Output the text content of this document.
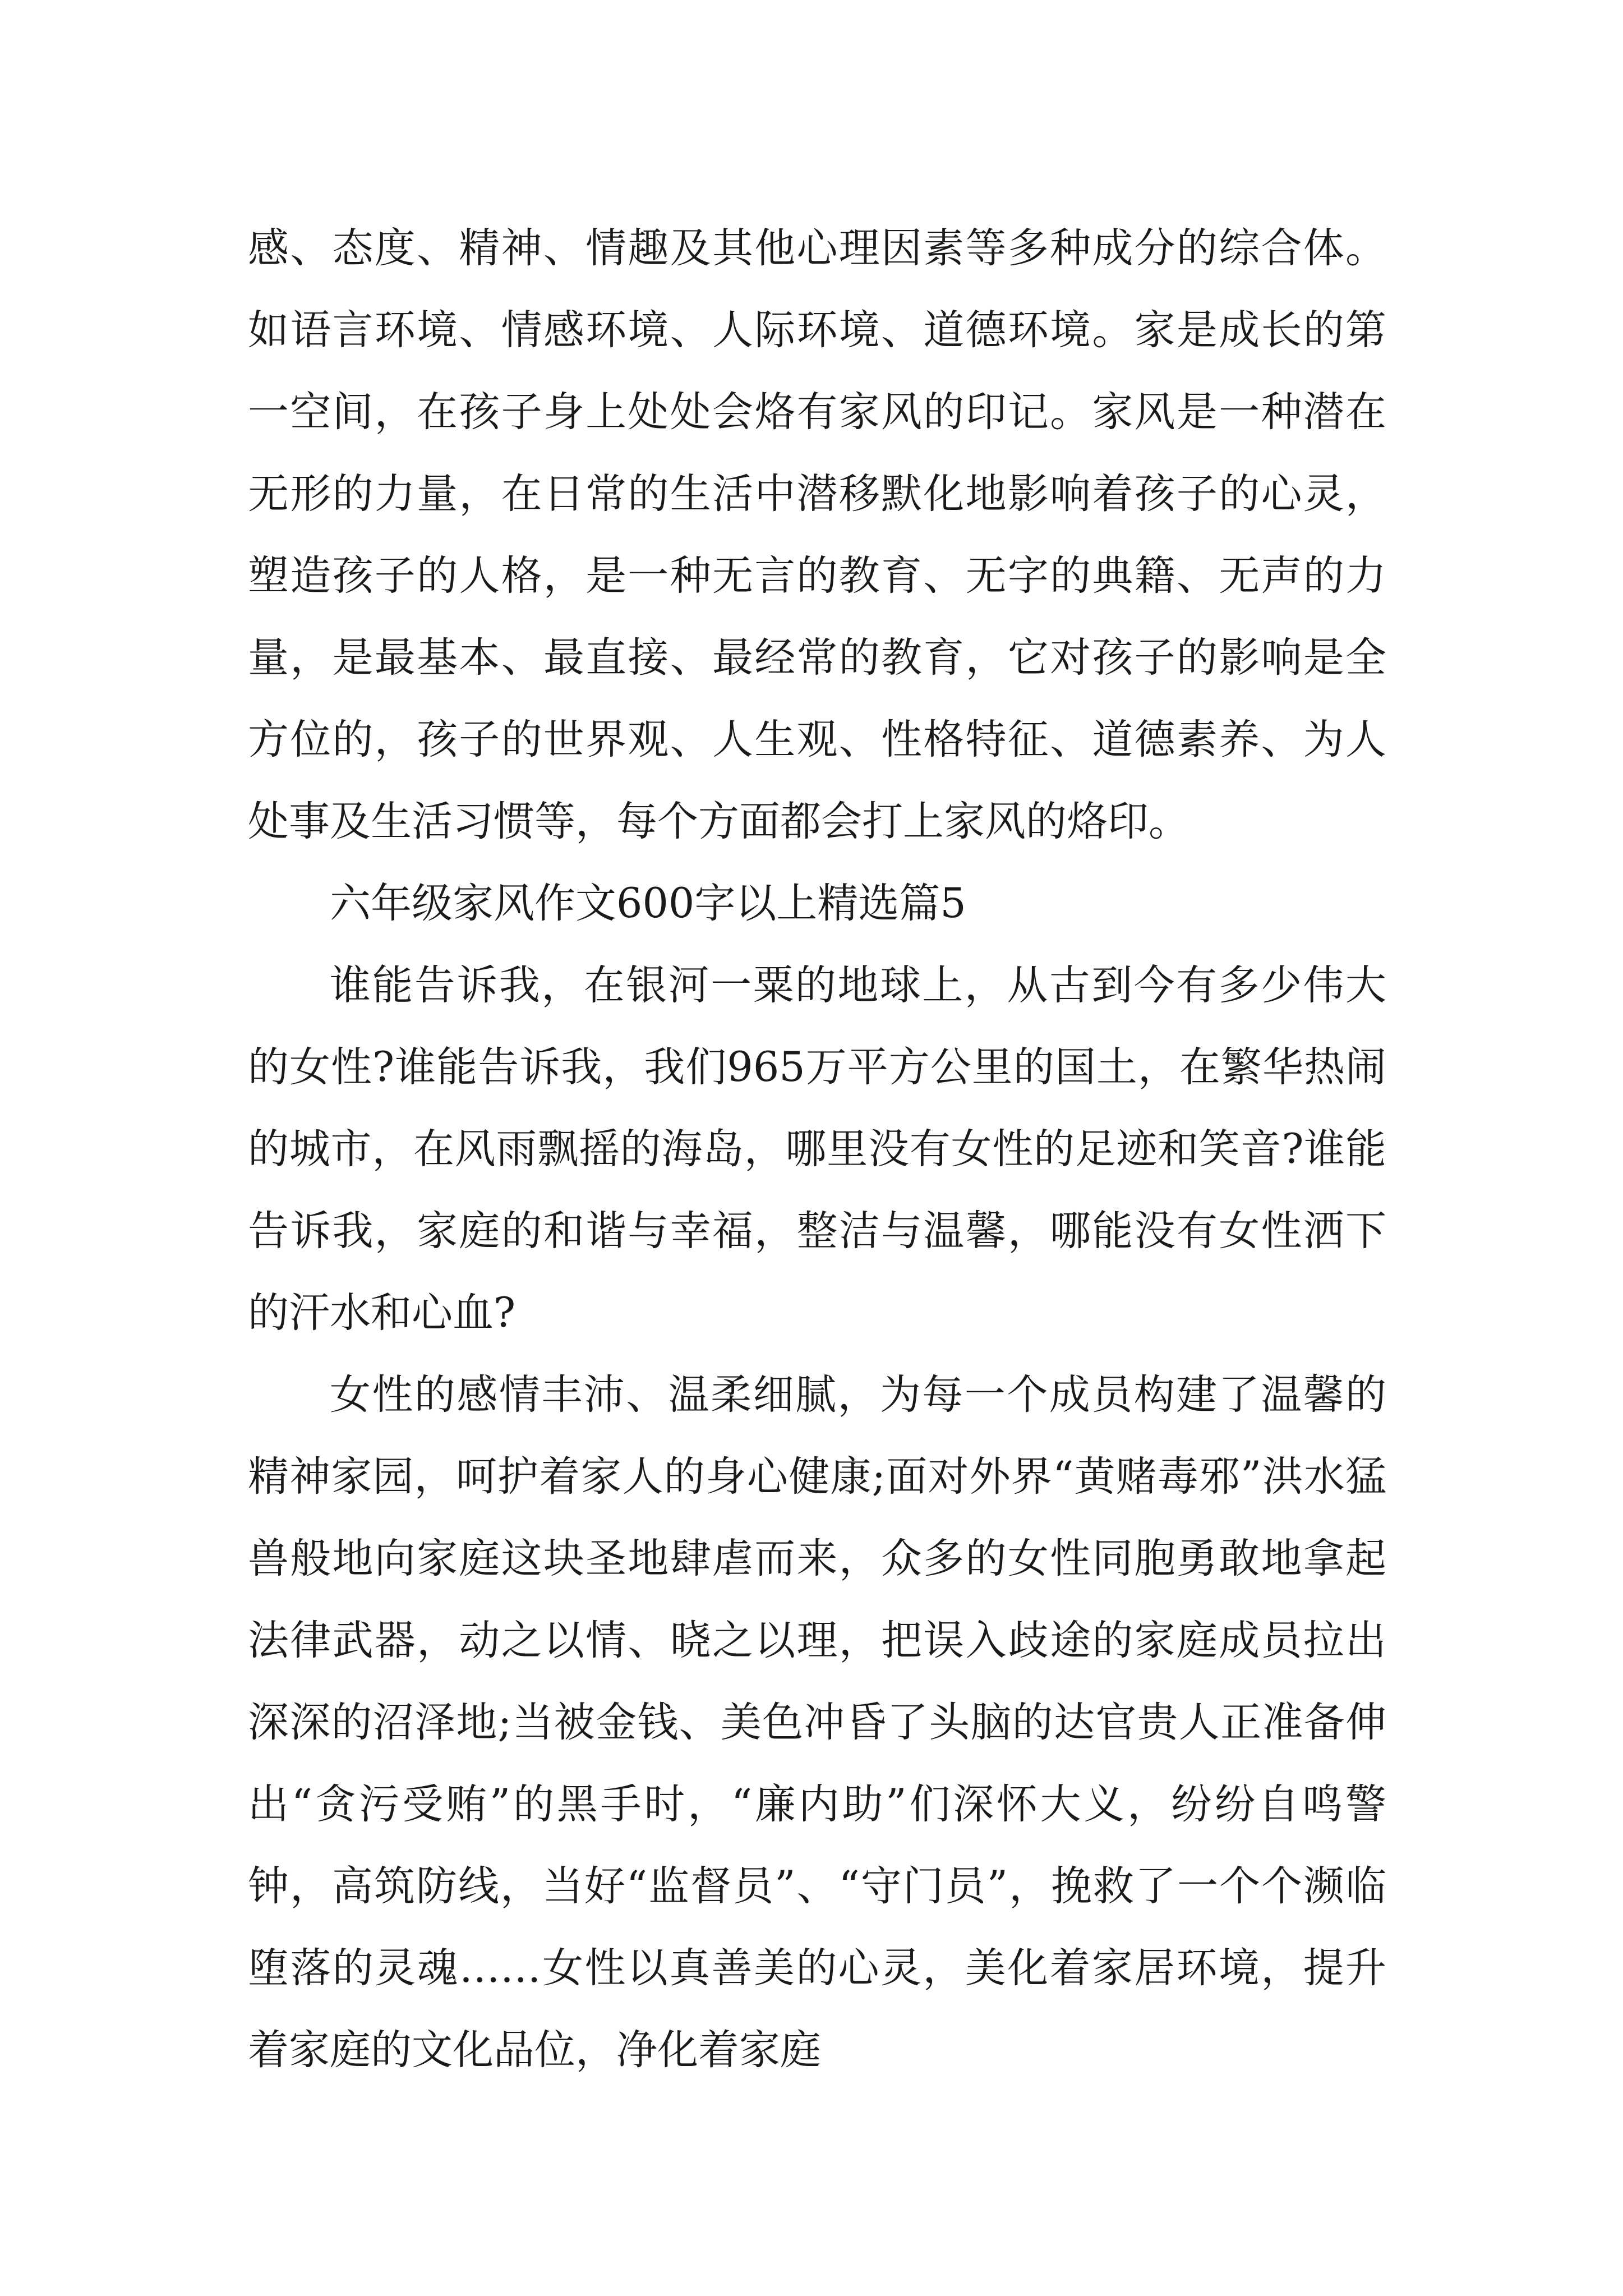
感、态度、精神、情趣及其他心理因素等多种成分的综合体。如语言环境、情感环境、人际环境、道德环境。家是成长的第一空间，在孩子身上处处会烙有家风的印记。家风是一种潜在无形的力量，在日常的生活中潜移默化地影响着孩子的心灵，塑造孩子的人格，是一种无言的教育、无字的典籍、无声的力量，是最基本、最直接、最经常的教育，它对孩子的影响是全方位的，孩子的世界观、人生观、性格特征、道德素养、为人处事及生活习惯等，每个方面都会打上家风的烙印。

六年级家风作文600字以上精选篇5

谁能告诉我，在银河一粟的地球上，从古到今有多少伟大的女性?谁能告诉我，我们965万平方公里的国土，在繁华热闹的城市，在风雨飘摇的海岛，哪里没有女性的足迹和笑音?谁能告诉我，家庭的和谐与幸福，整洁与温馨，哪能没有女性洒下的汗水和心血?

女性的感情丰沛、温柔细腻，为每一个成员构建了温馨的精神家园，呵护着家人的身心健康;面对外界“黄赌毒邪”洪水猛兽般地向家庭这块圣地肆虐而来，众多的女性同胞勇敢地拿起法律武器，动之以情、晓之以理，把误入歧途的家庭成员拉出深深的沼泽地;当被金钱、美色冲昏了头脑的达官贵人正准备伸出“贪污受贿”的黑手时，“廉内助”们深怀大义，纷纷自鸣警钟，高筑防线，当好“监督员”、“守门员”，挽救了一个个濒临堕落的灵魂……女性以真善美的心灵，美化着家居环境，提升着家庭的文化品位，净化着家庭
